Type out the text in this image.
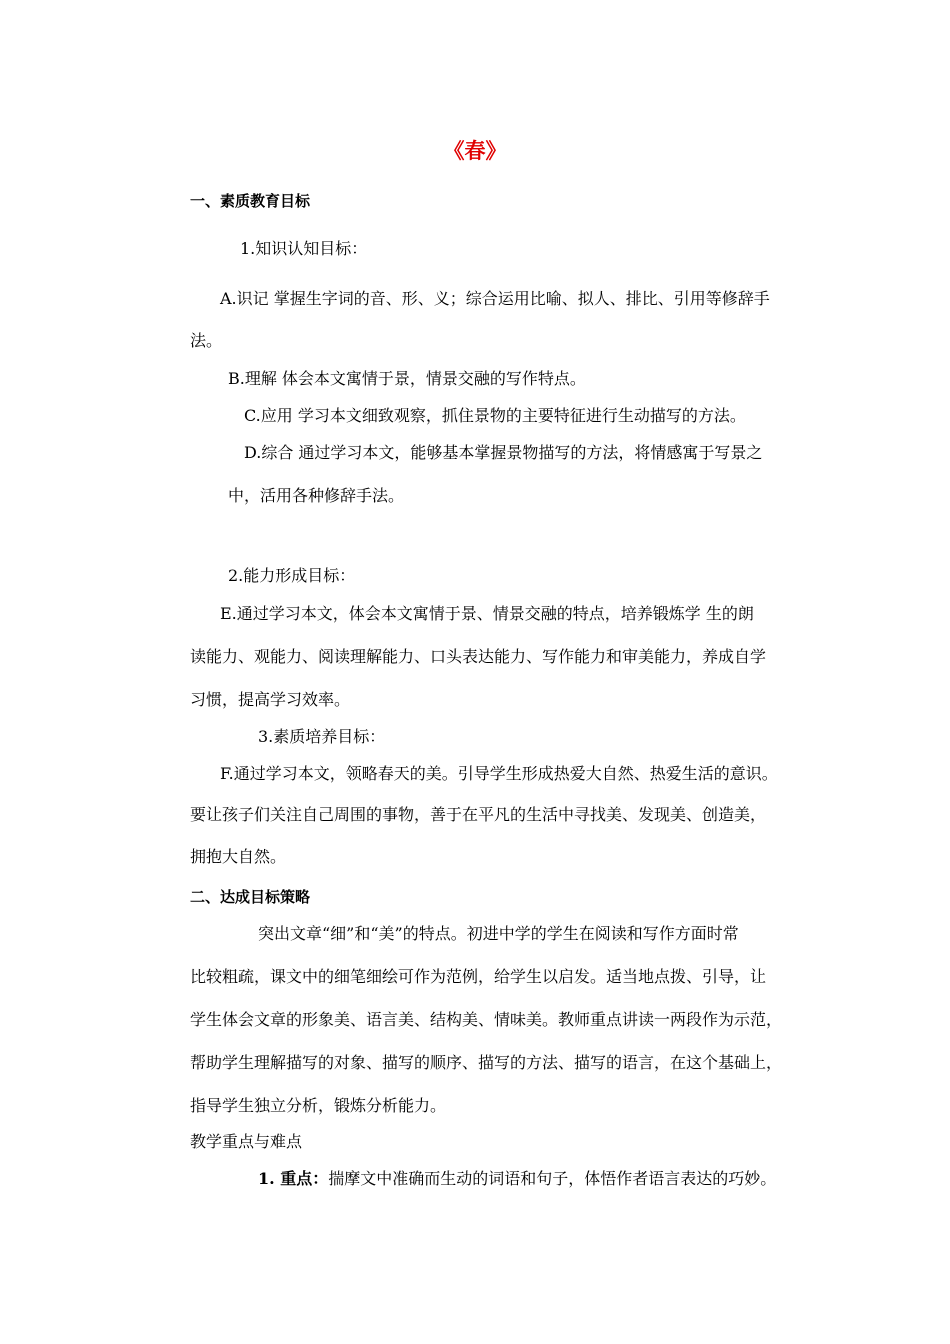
《春》
一、素质教育目标
1.知识认知目标：
A.识记 掌握生字词的音、形、义；综合运用比喻、拟人、排比、引用等修辞手
法。
B.理解 体会本文寓情于景，情景交融的写作特点。
C.应用 学习本文细致观察，抓住景物的主要特征进行生动描写的方法。
D.综合 通过学习本文，能够基本掌握景物描写的方法，将情感寓于写景之
中，活用各种修辞手法。
2.能力形成目标：
E.通过学习本文，体会本文寓情于景、情景交融的特点，培养锻炼学 生的朗
读能力、观能力、阅读理解能力、口头表达能力、写作能力和审美能力，养成自学
习惯，提高学习效率。
3.素质培养目标：
F.通过学习本文，领略春天的美。引导学生形成热爱大自然、热爱生活的意识。
要让孩子们关注自己周围的事物，善于在平凡的生活中寻找美、发现美、创造美，
拥抱大自然。
二、达成目标策略
突出文章“细”和“美”的特点。初进中学的学生在阅读和写作方面时常
比较粗疏，课文中的细笔细绘可作为范例，给学生以启发。适当地点拨、引导，让
学生体会文章的形象美、语言美、结构美、情味美。教师重点讲读一两段作为示范，
帮助学生理解描写的对象、描写的顺序、描写的方法、描写的语言，在这个基础上，
指导学生独立分析，锻炼分析能力。
教学重点与难点
1. 重点：揣摩文中准确而生动的词语和句子，体悟作者语言表达的巧妙。
